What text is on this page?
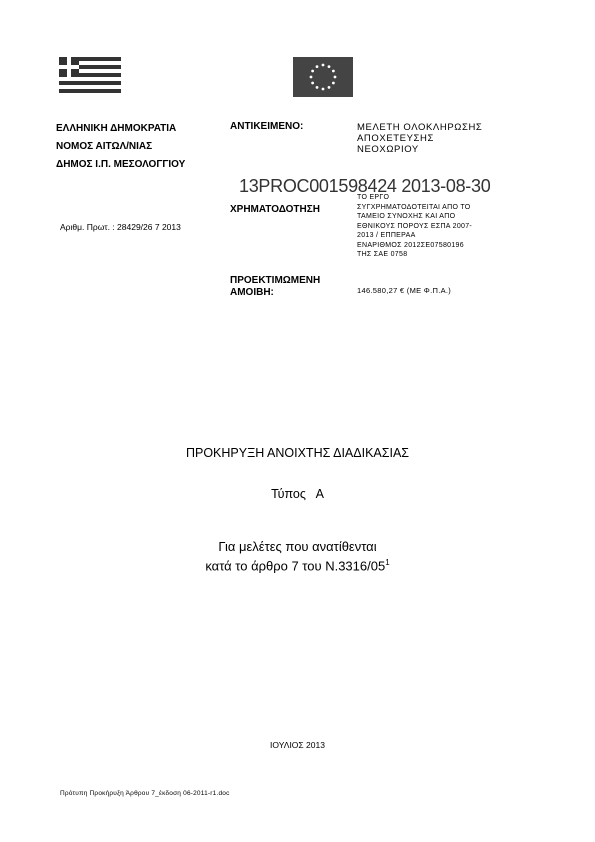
ΕΛΛΗΝΙΚΗ ΔΗΜΟΚΡΑΤΙΑ
ΝΟΜΟΣ ΑΙΤΩΛ/ΝΙΑΣ
ΔΗΜΟΣ Ι.Π. ΜΕΣΟΛΟΓΓΙΟΥ
Αριθμ. Πρωτ. : 28429/26 7 2013
ΑΝΤΙΚΕΙΜΕΝΟ:	ΜΕΛΕΤΗ ΟΛΟΚΛΗΡΩΣΗΣ
ΑΠΟΧΕΤΕΥΣΗΣ
ΝΕΟΧΩΡΙΟΥ
13PROC001598424 2013-08-30
ΧΡΗΜΑΤΟΔΟΤΗΣΗ
ΤΟ ΕΡΓΟ
ΣΥΓΧΡΗΜΑΤΟΔΟΤΕΙΤΑΙ ΑΠΟ ΤΟ
ΤΑΜΕΙΟ ΣΥΝΟΧΗΣ ΚΑΙ ΑΠΟ
ΕΘΝΙΚΟΥΣ ΠΟΡΟΥΣ ΕΣΠΑ 2007-
2013 / ΕΠΠΕΡΑΑ
ΕΝΑΡΙΘΜΟΣ 2012ΣΕ07580196
ΤΗΣ ΣΑΕ 0758
ΠΡΟΕΚΤΙΜΩΜΕΝΗ
ΑΜΟΙΒΗ:	146.580,27 € (ΜΕ Φ.Π.Α.)
ΠΡΟΚΗΡΥΞΗ ΑΝΟΙΧΤΗΣ ΔΙΑΔΙΚΑΣΙΑΣ
Τύπος   Α
Για μελέτες που ανατίθενται
κατά το άρθρο 7 του $N.3316/05^1$
ΙΟΥΛΙΟΣ 2013
Πρότυπη Προκήρυξη Άρθρου 7_έκδοση 06-2011-r1.doc
